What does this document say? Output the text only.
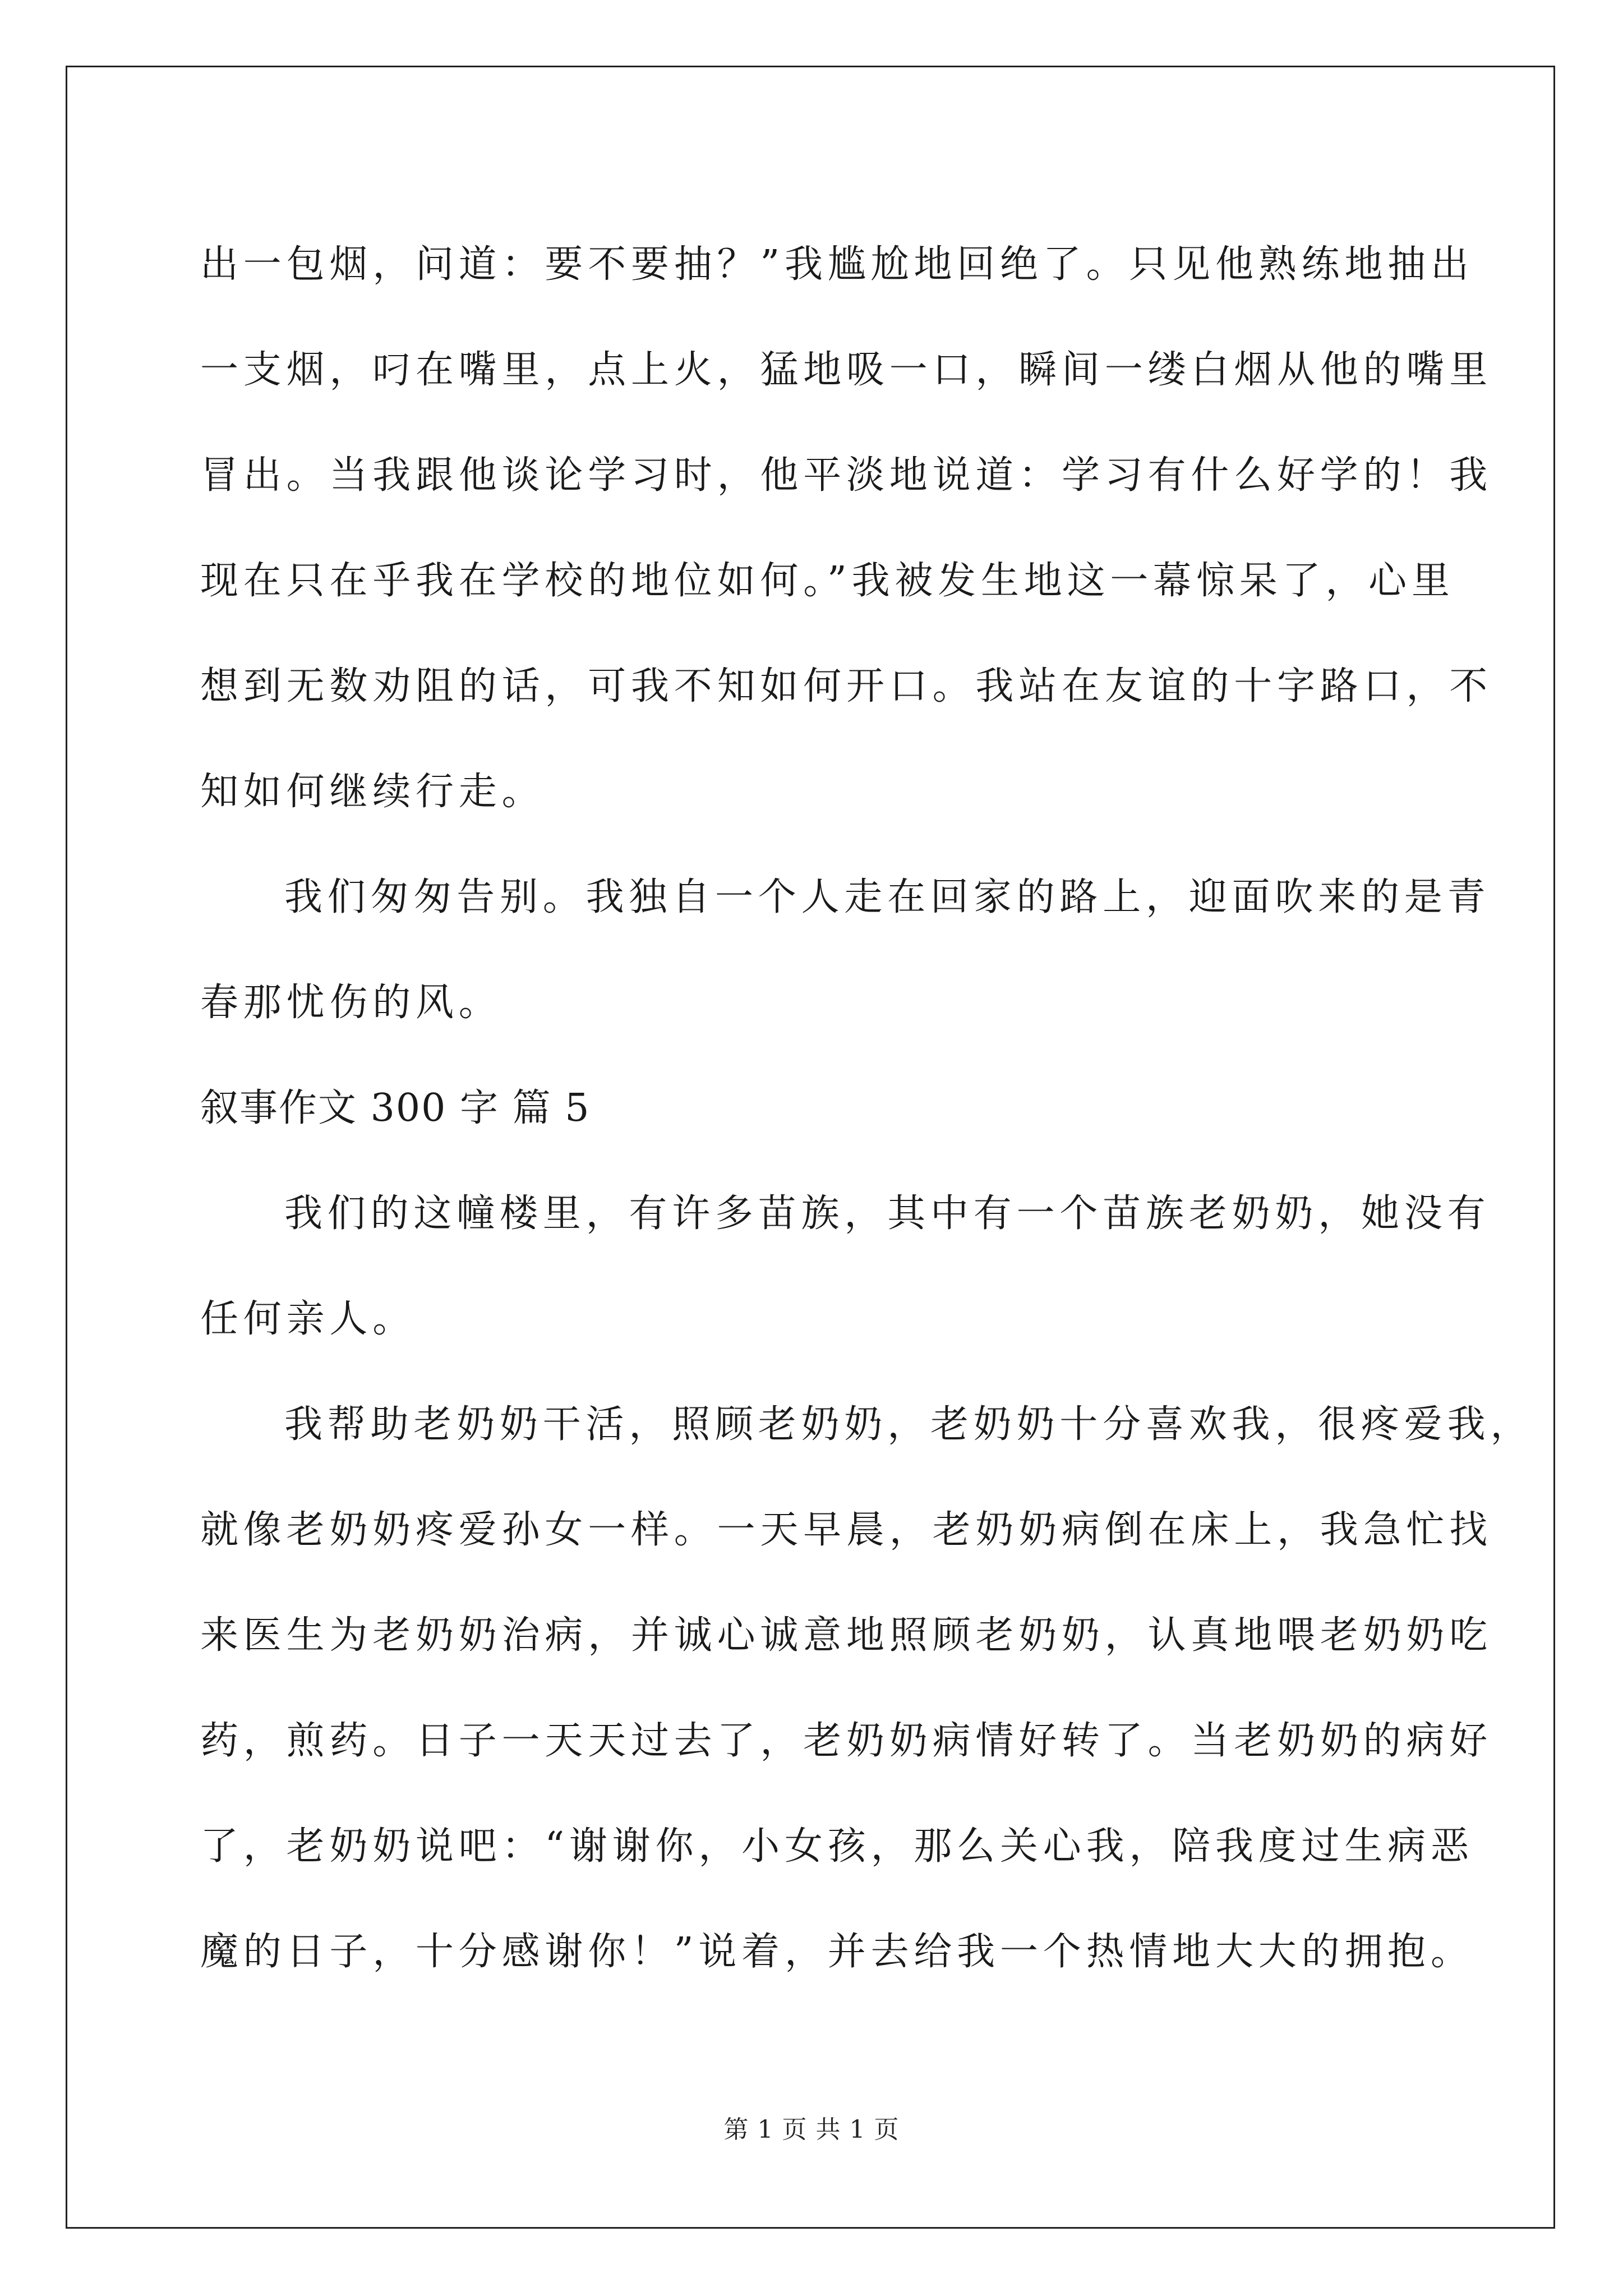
出一包烟，问道：要不要抽？”我尴尬地回绝了。只见他熟练地抽出
一支烟，叼在嘴里，点上火，猛地吸一口，瞬间一缕白烟从他的嘴里
冒出。当我跟他谈论学习时，他平淡地说道：学习有什么好学的！我
现在只在乎我在学校的地位如何。”我被发生地这一幕惊呆了，心里
想到无数劝阻的话，可我不知如何开口。我站在友谊的十字路口，不
知如何继续行走。
我们匆匆告别。我独自一个人走在回家的路上，迎面吹来的是青
春那忧伤的风。
叙事作文 300 字 篇 5
我们的这幢楼里，有许多苗族，其中有一个苗族老奶奶，她没有
任何亲人。
我帮助老奶奶干活，照顾老奶奶，老奶奶十分喜欢我，很疼爱我，
就像老奶奶疼爱孙女一样。一天早晨，老奶奶病倒在床上，我急忙找
来医生为老奶奶治病，并诚心诚意地照顾老奶奶，认真地喂老奶奶吃
药，煎药。日子一天天过去了，老奶奶病情好转了。当老奶奶的病好
了，老奶奶说吧：“谢谢你，小女孩，那么关心我，陪我度过生病恶
魔的日子，十分感谢你！”说着，并去给我一个热情地大大的拥抱。
第 1 页 共 1 页
